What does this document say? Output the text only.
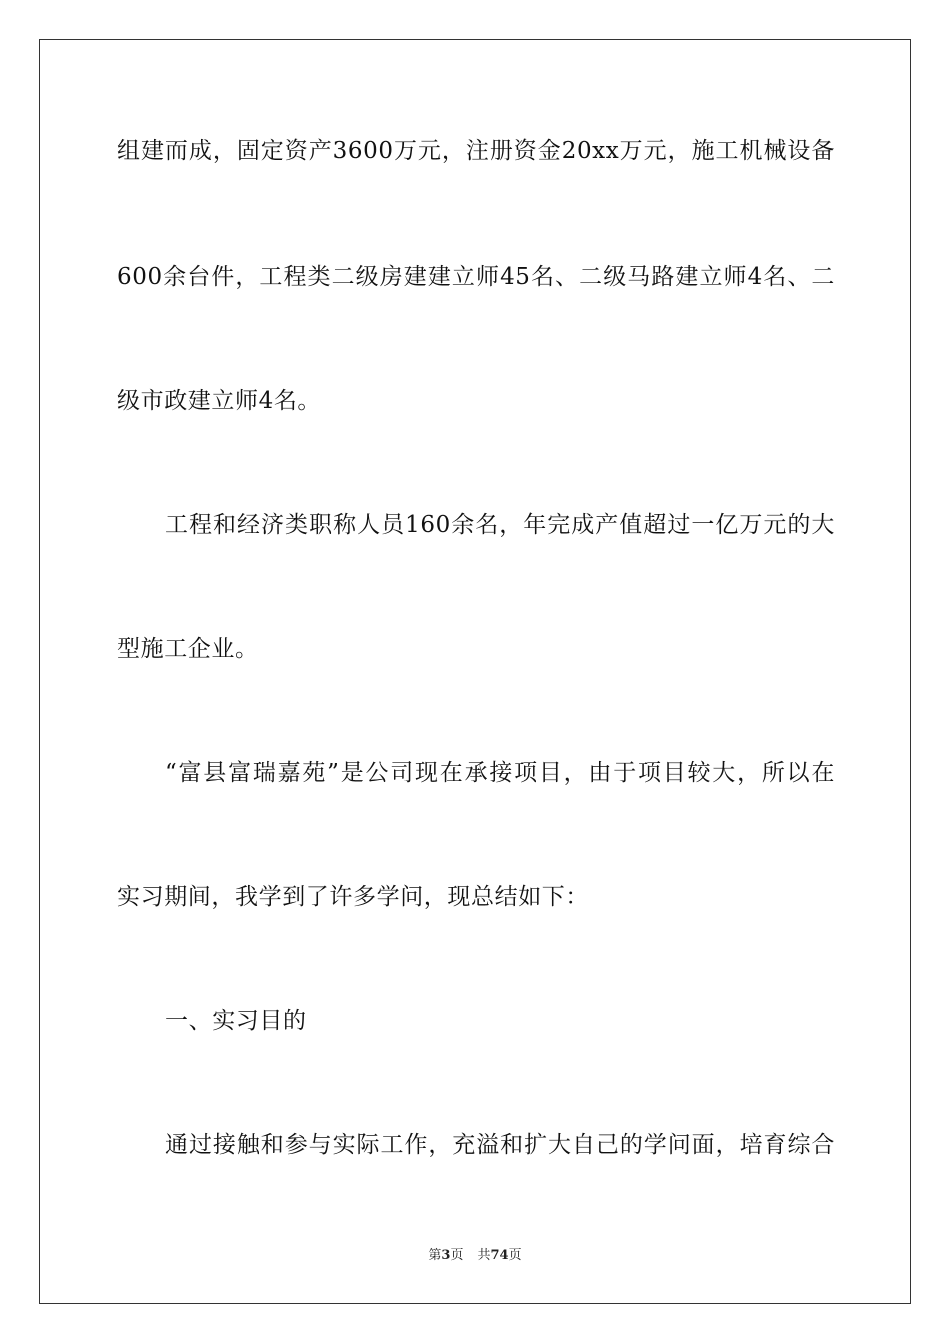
组建而成，固定资产3600万元，注册资金20xx万元，施工机械设备
600余台件，工程类二级房建建立师45名、二级马路建立师4名、二
级市政建立师4名。
工程和经济类职称人员160余名，年完成产值超过一亿万元的大
型施工企业。
“富县富瑞嘉苑”是公司现在承接项目，由于项目较大，所以在
实习期间，我学到了许多学问，现总结如下：
一、实习目的
通过接触和参与实际工作，充溢和扩大自己的学问面，培育综合
第3页 共74页
